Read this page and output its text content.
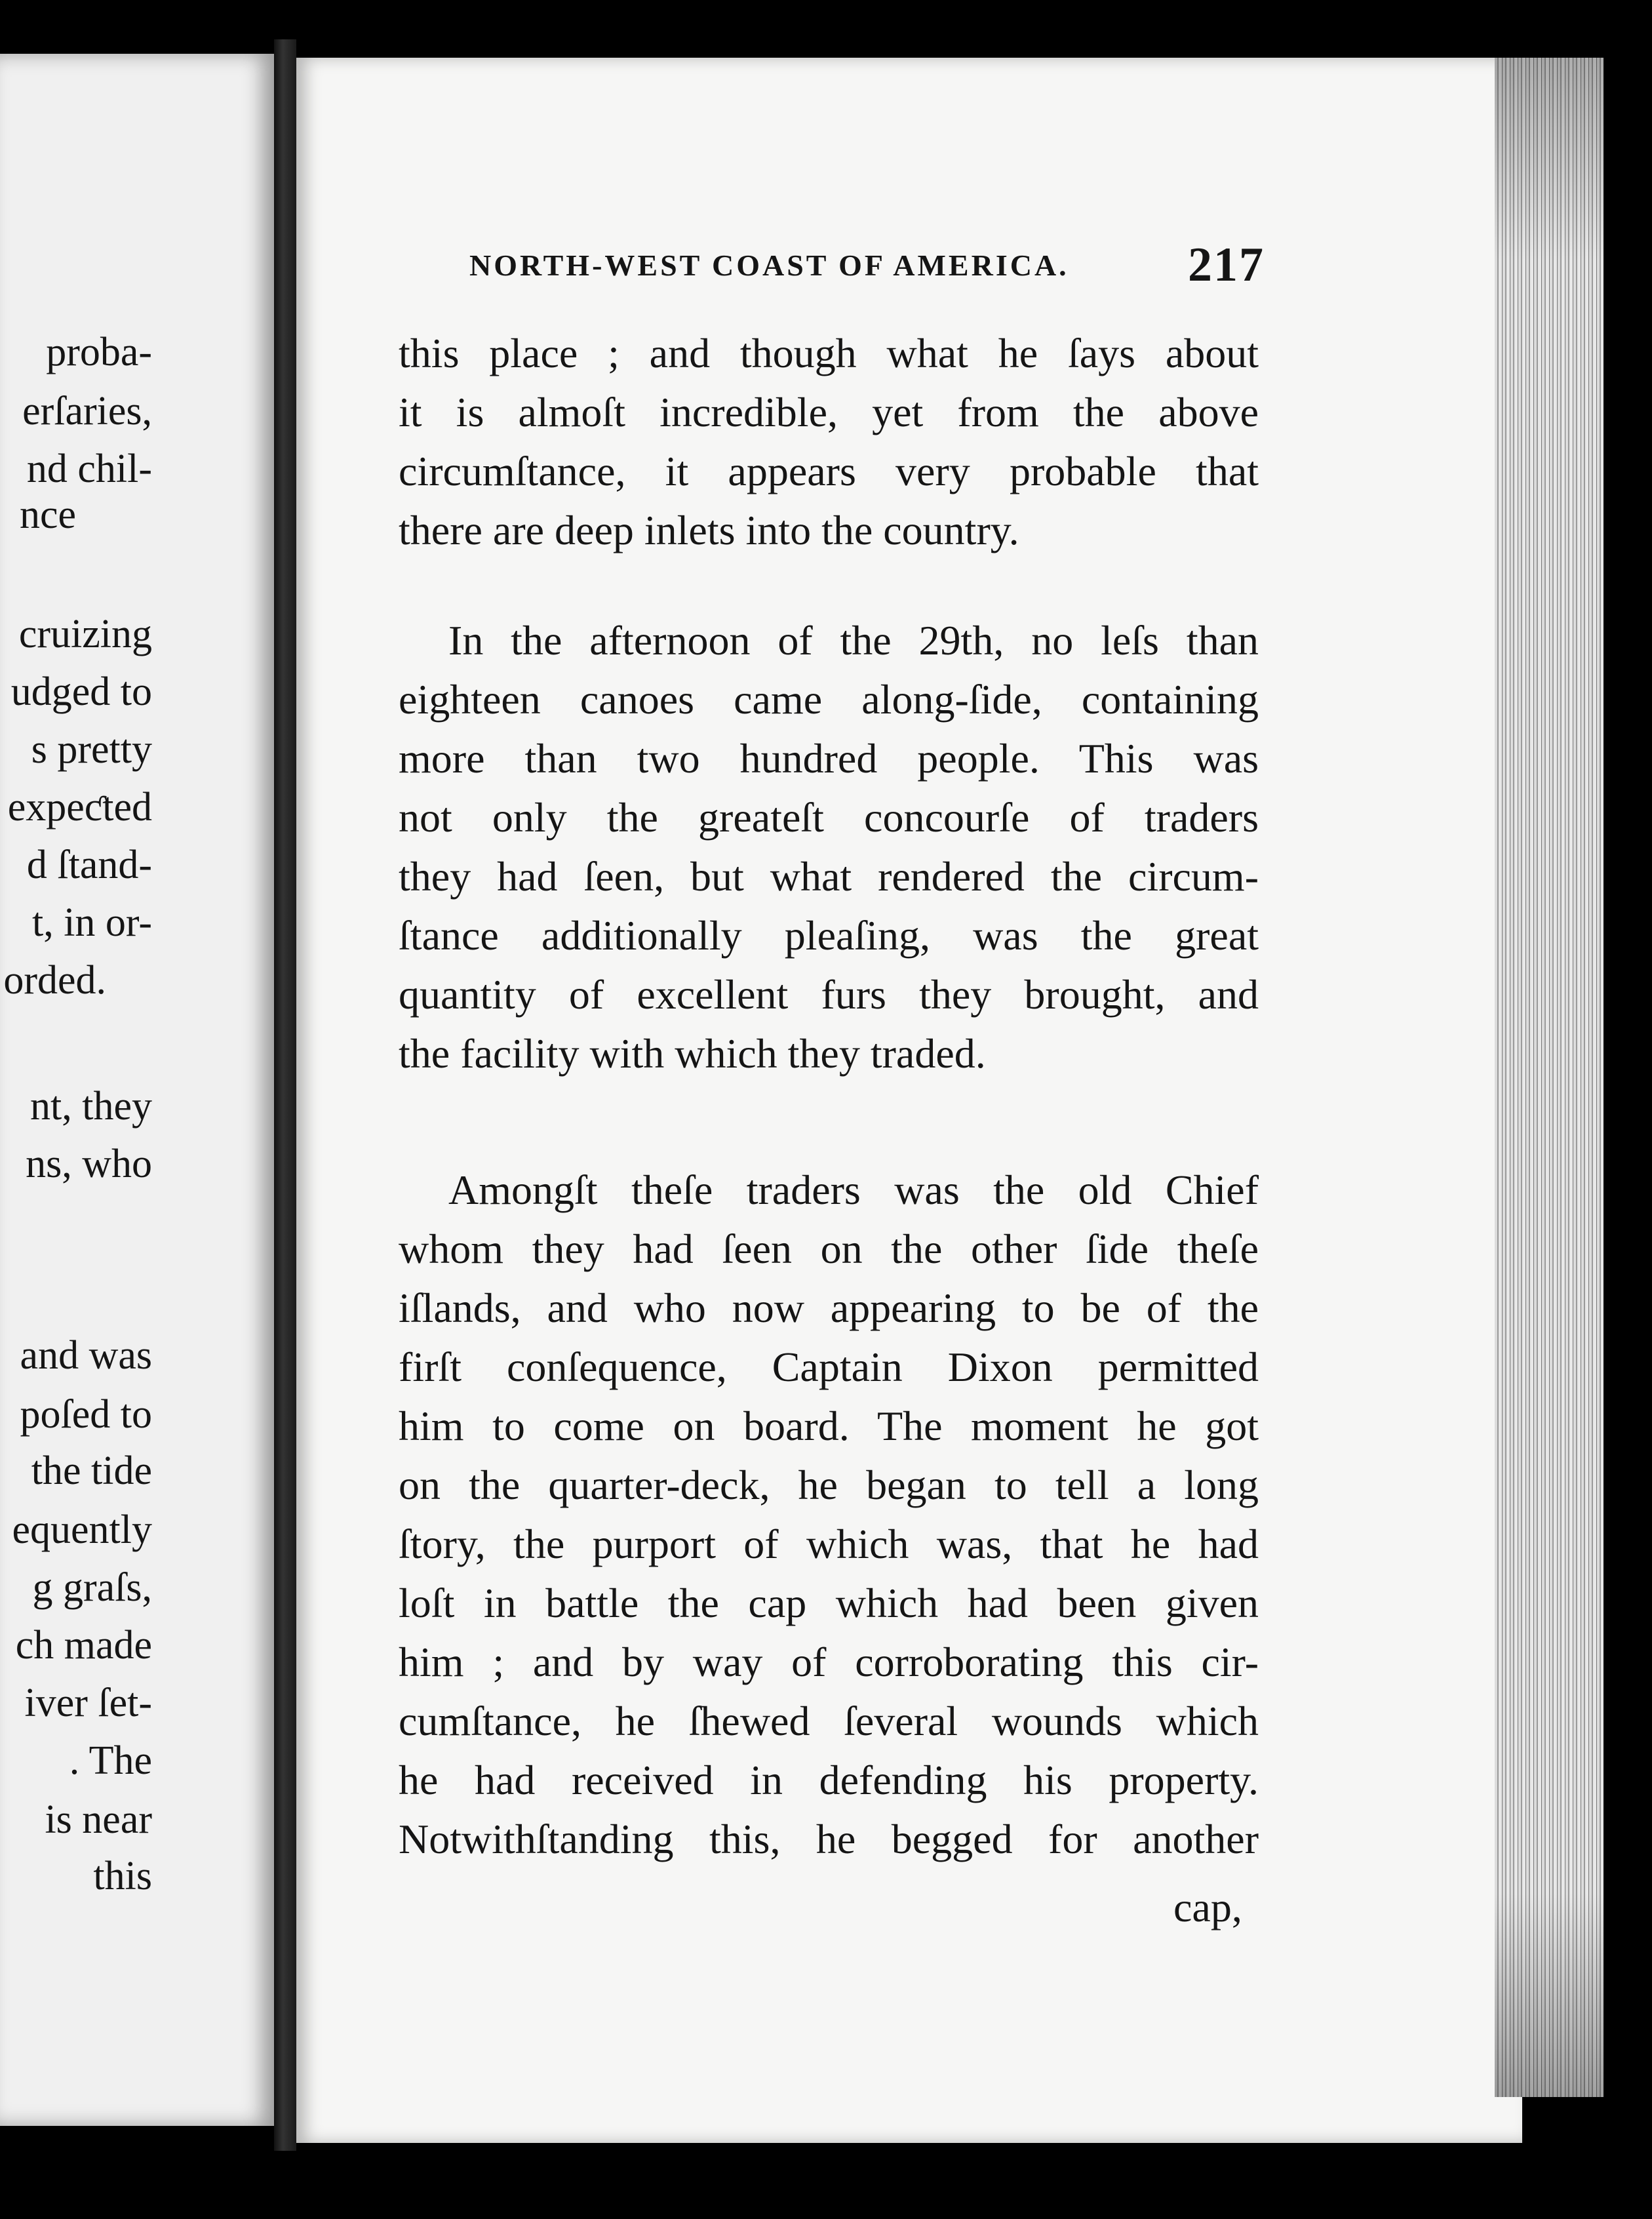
proba-
erſaries,
nd chil-
nce
cruizing
udged to
s pretty
expeƈted
d ſtand-
t, in or-
orded.
nt, they
ns, who
and was
poſed to
the tide
equently
g graſs,
ch made
iver ſet-
. The
is near
this
NORTH-WEST COAST OF AMERICA. 217
this place ; and though what he ſays about
it is almoſt incredible, yet from the above
circumſtance, it appears very probable that
there are deep inlets into the country.
In the afternoon of the 29th, no leſs than
eighteen canoes came along-ſide, containing
more than two hundred people. This was
not only the greateſt concourſe of traders
they had ſeen, but what rendered the circum-
ſtance additionally pleaſing, was the great
quantity of excellent furs they brought, and
the facility with which they traded.
Amongſt theſe traders was the old Chief
whom they had ſeen on the other ſide theſe
iſlands, and who now appearing to be of the
firſt conſequence, Captain Dixon permitted
him to come on board. The moment he got
on the quarter-deck, he began to tell a long
ſtory, the purport of which was, that he had
loſt in battle the cap which had been given
him ; and by way of corroborating this cir-
cumſtance, he ſhewed ſeveral wounds which
he had received in defending his property.
Notwithſtanding this, he begged for another
cap,
